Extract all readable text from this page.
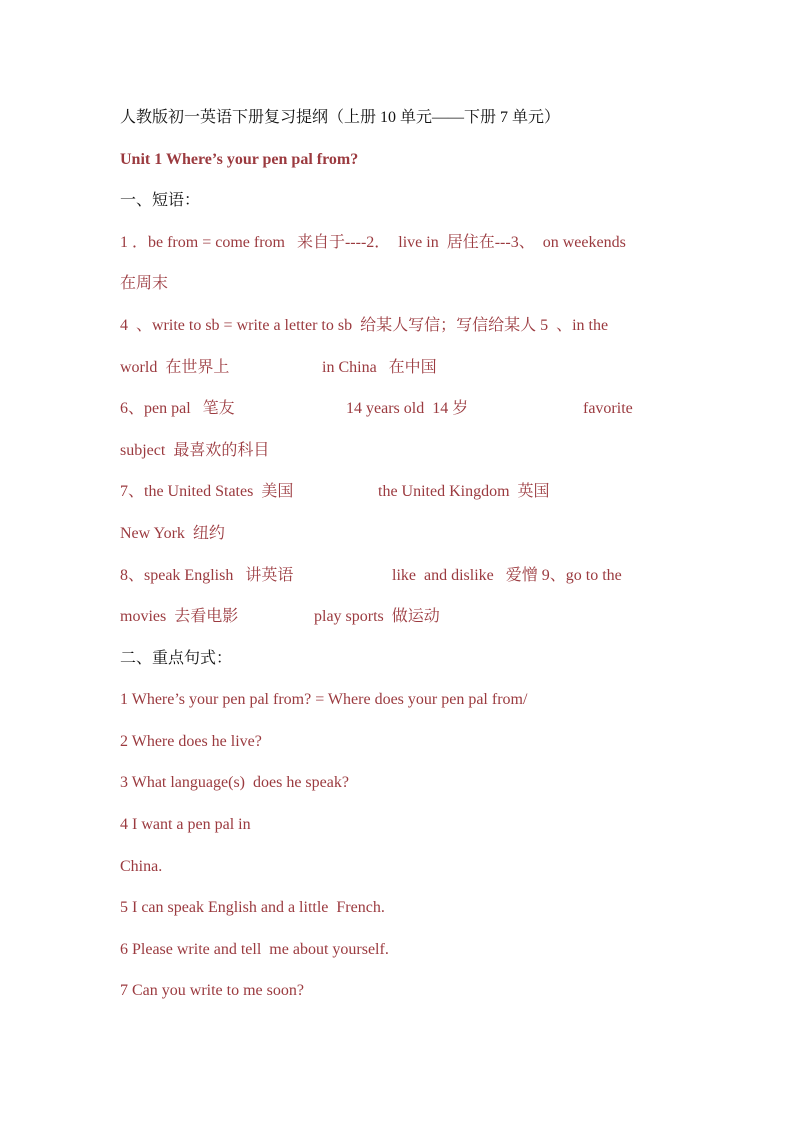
人教版初一英语下册复习提纲（上册 10 单元——下册 7 单元）
Unit 1 Where’s your pen pal from?
一、短语：
1 ．be from = come from   来自于----2．  live in  居住在---3、  on weekends
在周末
4  、write to sb = write a letter to sb  给某人写信；写信给某人 5  、in the
world  在世界上	in China   在中国
6、pen pal   笔友	14 years old  14 岁	favorite
subject  最喜欢的科目
7、the United States  美国	the United Kingdom  英国
New York  纽约
8、speak English   讲英语	like  and dislike   爱憎 9、go to the
movies  去看电影	play sports  做运动
二、重点句式：
1 Where’s your pen pal from? = Where does your pen pal from/
2 Where does he live?
3 What language(s)  does he speak?
4 I want a pen pal in
China.
5 I can speak English and a little  French.
6 Please write and tell  me about yourself.
7 Can you write to me soon?
